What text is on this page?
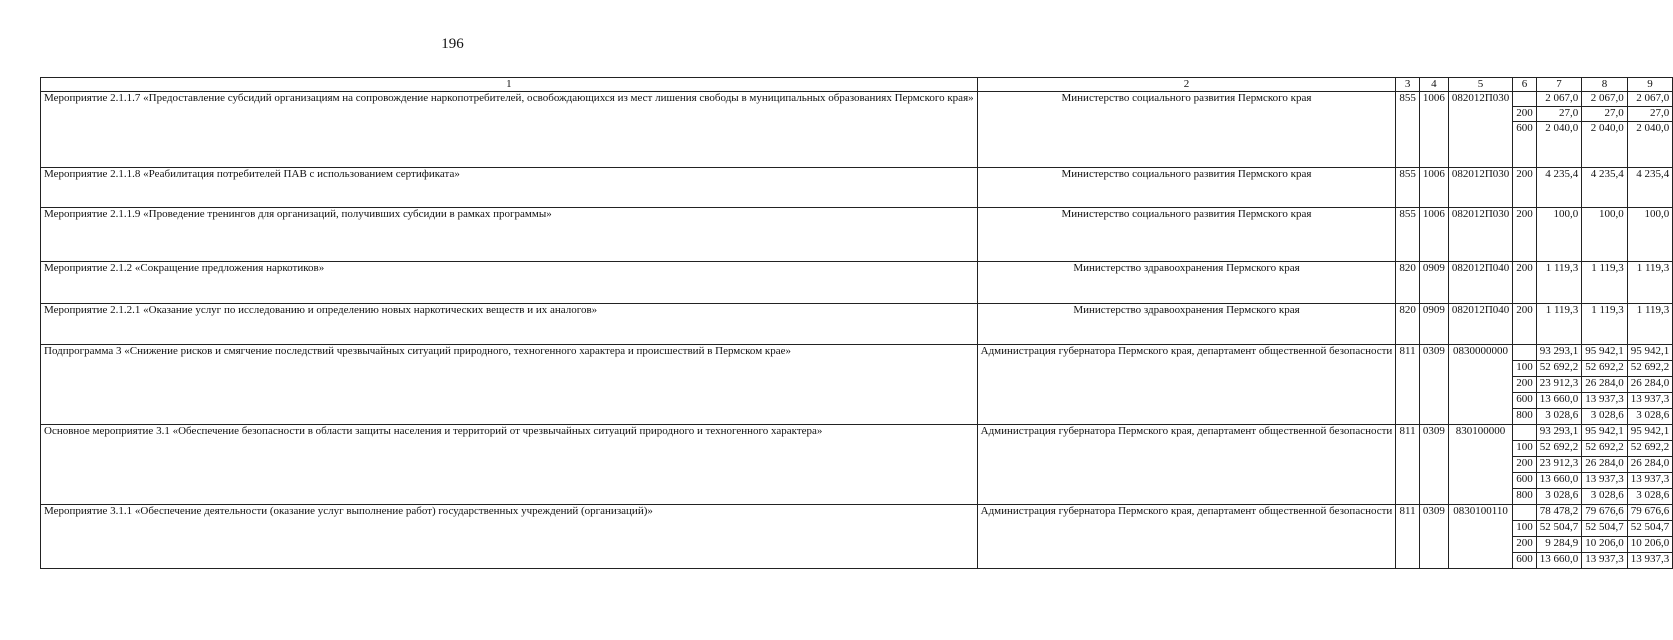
196
1	2	3	4	5	6	7	8	9
Мероприятие 2.1.1.7 «Предоставление субсидий организациям на сопровождение наркопотребителей, освобождающихся из мест лишения свободы в муниципальных образованиях Пермского края»	Министерство социального развития Пермского края	855	1006	082012П030		2 067,0	2 067,0	2 067,0
					200	27,0	27,0	27,0
					600	2 040,0	2 040,0	2 040,0
Мероприятие 2.1.1.8 «Реабилитация потребителей ПАВ с использованием сертификата»	Министерство социального развития Пермского края	855	1006	082012П030	200	4 235,4	4 235,4	4 235,4
Мероприятие 2.1.1.9 «Проведение тренингов для организаций, получивших субсидии в рамках программы»	Министерство социального развития Пермского края	855	1006	082012П030	200	100,0	100,0	100,0
Мероприятие 2.1.2 «Сокращение предложения наркотиков»	Министерство здравоохранения Пермского края	820	0909	082012П040	200	1 119,3	1 119,3	1 119,3
Мероприятие 2.1.2.1 «Оказание услуг по исследованию и определению новых наркотических веществ и их аналогов»	Министерство здравоохранения Пермского края	820	0909	082012П040	200	1 119,3	1 119,3	1 119,3
Подпрограмма 3 «Снижение рисков и смягчение последствий чрезвычайных ситуаций природного, техногенного характера и происшествий в Пермском крае»	Администрация губернатора Пермского края, департамент общественной безопасности	811	0309	0830000000		93 293,1	95 942,1	95 942,1
					100	52 692,2	52 692,2	52 692,2
					200	23 912,3	26 284,0	26 284,0
					600	13 660,0	13 937,3	13 937,3
					800	3 028,6	3 028,6	3 028,6
Основное мероприятие 3.1 «Обеспечение безопасности в области защиты населения и территорий от чрезвычайных ситуаций природного и техногенного характера»	Администрация губернатора Пермского края, департамент общественной безопасности	811	0309	830100000		93 293,1	95 942,1	95 942,1
					100	52 692,2	52 692,2	52 692,2
					200	23 912,3	26 284,0	26 284,0
					600	13 660,0	13 937,3	13 937,3
					800	3 028,6	3 028,6	3 028,6
Мероприятие 3.1.1 «Обеспечение деятельности (оказание услуг выполнение работ) государственных учреждений (организаций)»	Администрация губернатора Пермского края, департамент общественной безопасности	811	0309	0830100110		78 478,2	79 676,6	79 676,6
					100	52 504,7	52 504,7	52 504,7
					200	9 284,9	10 206,0	10 206,0
					600	13 660,0	13 937,3	13 937,3
